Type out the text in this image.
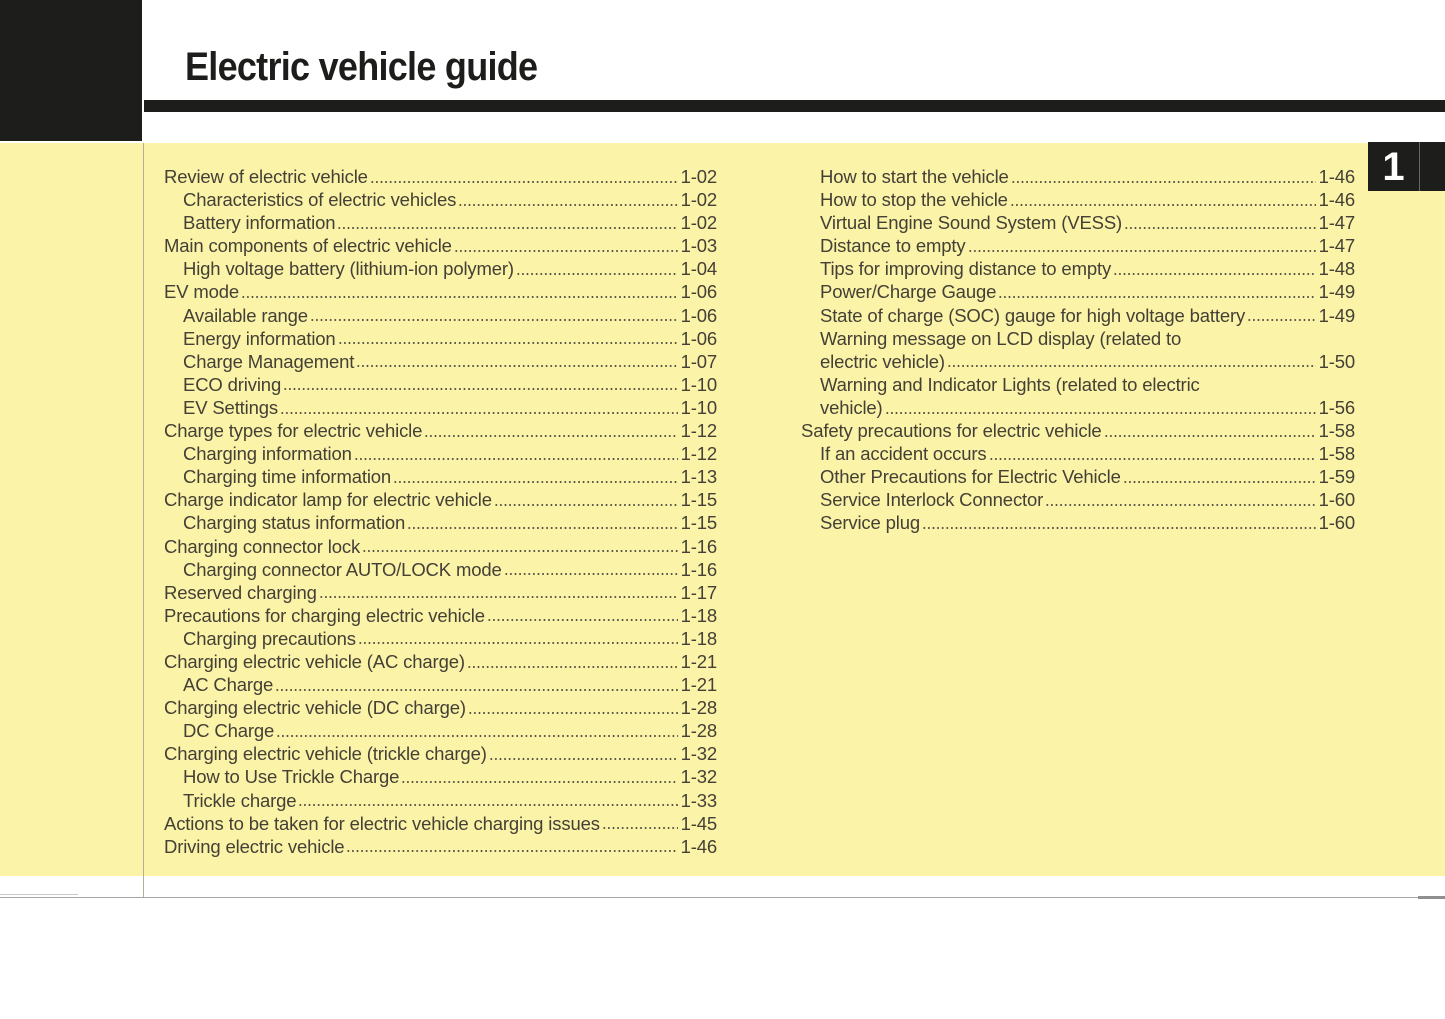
Electric vehicle guide
Review of electric vehicle	1-02
Characteristics of electric vehicles	1-02
Battery information	1-02
Main components of electric vehicle	1-03
High voltage battery (lithium-ion polymer)	1-04
EV mode	1-06
Available range	1-06
Energy information	1-06
Charge Management	1-07
ECO driving	1-10
EV Settings	1-10
Charge types for electric vehicle	1-12
Charging information	1-12
Charging time information	1-13
Charge indicator lamp for electric vehicle	1-15
Charging status information	1-15
Charging connector lock	1-16
Charging connector AUTO/LOCK mode	1-16
Reserved charging	1-17
Precautions for charging electric vehicle	1-18
Charging precautions	1-18
Charging electric vehicle (AC charge)	1-21
AC Charge	1-21
Charging electric vehicle (DC charge)	1-28
DC Charge	1-28
Charging electric vehicle (trickle charge)	1-32
How to Use Trickle Charge	1-32
Trickle charge	1-33
Actions to be taken for electric vehicle charging issues	1-45
Driving electric vehicle	1-46
How to start the vehicle	1-46
How to stop the vehicle	1-46
Virtual Engine Sound System (VESS)	1-47
Distance to empty	1-47
Tips for improving distance to empty	1-48
Power/Charge Gauge	1-49
State of charge (SOC) gauge for high voltage battery	1-49
Warning message on LCD display (related to
electric vehicle)	1-50
Warning and Indicator Lights (related to electric
vehicle)	1-56
Safety precautions for electric vehicle	1-58
If an accident occurs	1-58
Other Precautions for Electric Vehicle	1-59
Service Interlock Connector	1-60
Service plug	1-60
1
